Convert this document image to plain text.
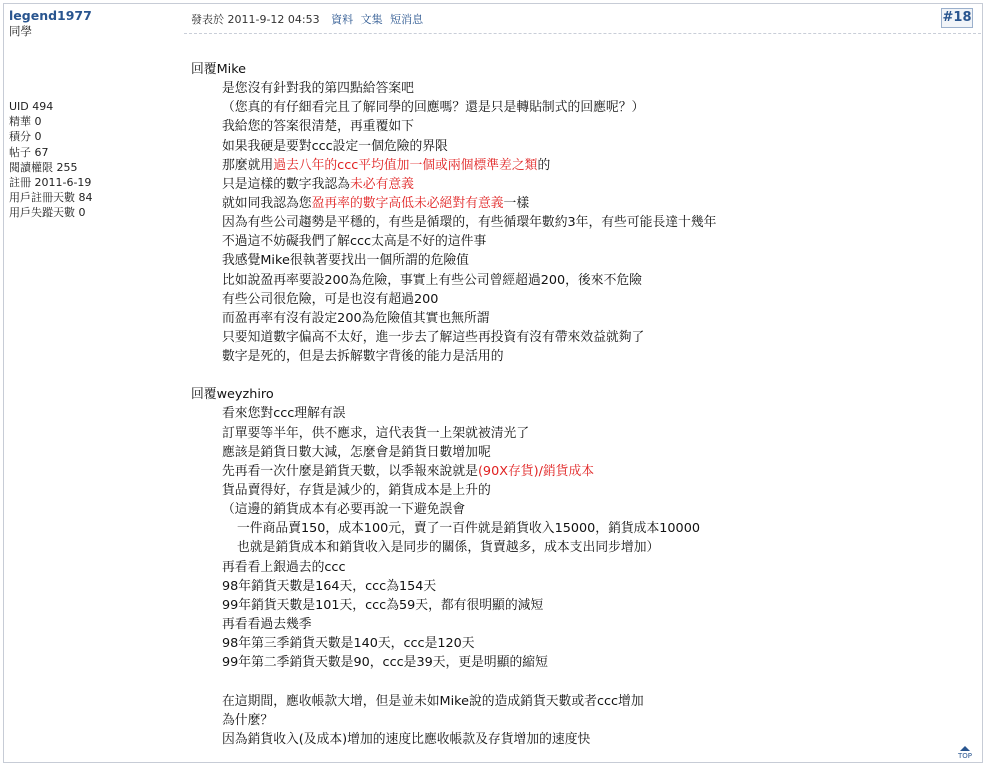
legend1977
同學
UID 494
精華 0
積分 0
帖子 67
閱讀權限 255
註冊 2011-6-19
用戶註冊天數 84
用戶失蹤天數 0
發表於 2011-9-12 04:53 資料 文集 短消息	#18
回覆Mike
是您沒有針對我的第四點給答案吧
（您真的有仔細看完且了解同學的回應嗎？還是只是轉貼制式的回應呢？）
我給您的答案很清楚，再重覆如下
如果我硬是要對ccc設定一個危險的界限
那麼就用過去八年的ccc平均值加一個或兩個標準差之類的
只是這樣的數字我認為未必有意義
就如同我認為您盈再率的數字高低未必絕對有意義一樣
因為有些公司趨勢是平穩的，有些是循環的，有些循環年數約3年，有些可能長達十幾年
不過這不妨礙我們了解ccc太高是不好的這件事
我感覺Mike很執著要找出一個所謂的危險值
比如說盈再率要設200為危險，事實上有些公司曾經超過200，後來不危險
有些公司很危險，可是也沒有超過200
而盈再率有沒有設定200為危險值其實也無所謂
只要知道數字偏高不太好，進一步去了解這些再投資有沒有帶來效益就夠了
數字是死的，但是去拆解數字背後的能力是活用的
回覆weyzhiro
看來您對ccc理解有誤
訂單要等半年，供不應求，這代表貨一上架就被清光了
應該是銷貨日數大減，怎麼會是銷貨日數增加呢
先再看一次什麼是銷貨天數，以季報來說就是(90X存貨)/銷貨成本
貨品賣得好，存貨是減少的，銷貨成本是上升的
（這邊的銷貨成本有必要再說一下避免誤會
一件商品賣150，成本100元，賣了一百件就是銷貨收入15000，銷貨成本10000
也就是銷貨成本和銷貨收入是同步的關係，貨賣越多，成本支出同步增加）
再看看上銀過去的ccc
98年銷貨天數是164天，ccc為154天
99年銷貨天數是101天，ccc為59天，都有很明顯的減短
再看看過去幾季
98年第三季銷貨天數是140天，ccc是120天
99年第二季銷貨天數是90，ccc是39天，更是明顯的縮短
在這期間，應收帳款大增，但是並未如Mike說的造成銷貨天數或者ccc增加
為什麼？
因為銷貨收入(及成本)增加的速度比應收帳款及存貨增加的速度快
TOP
